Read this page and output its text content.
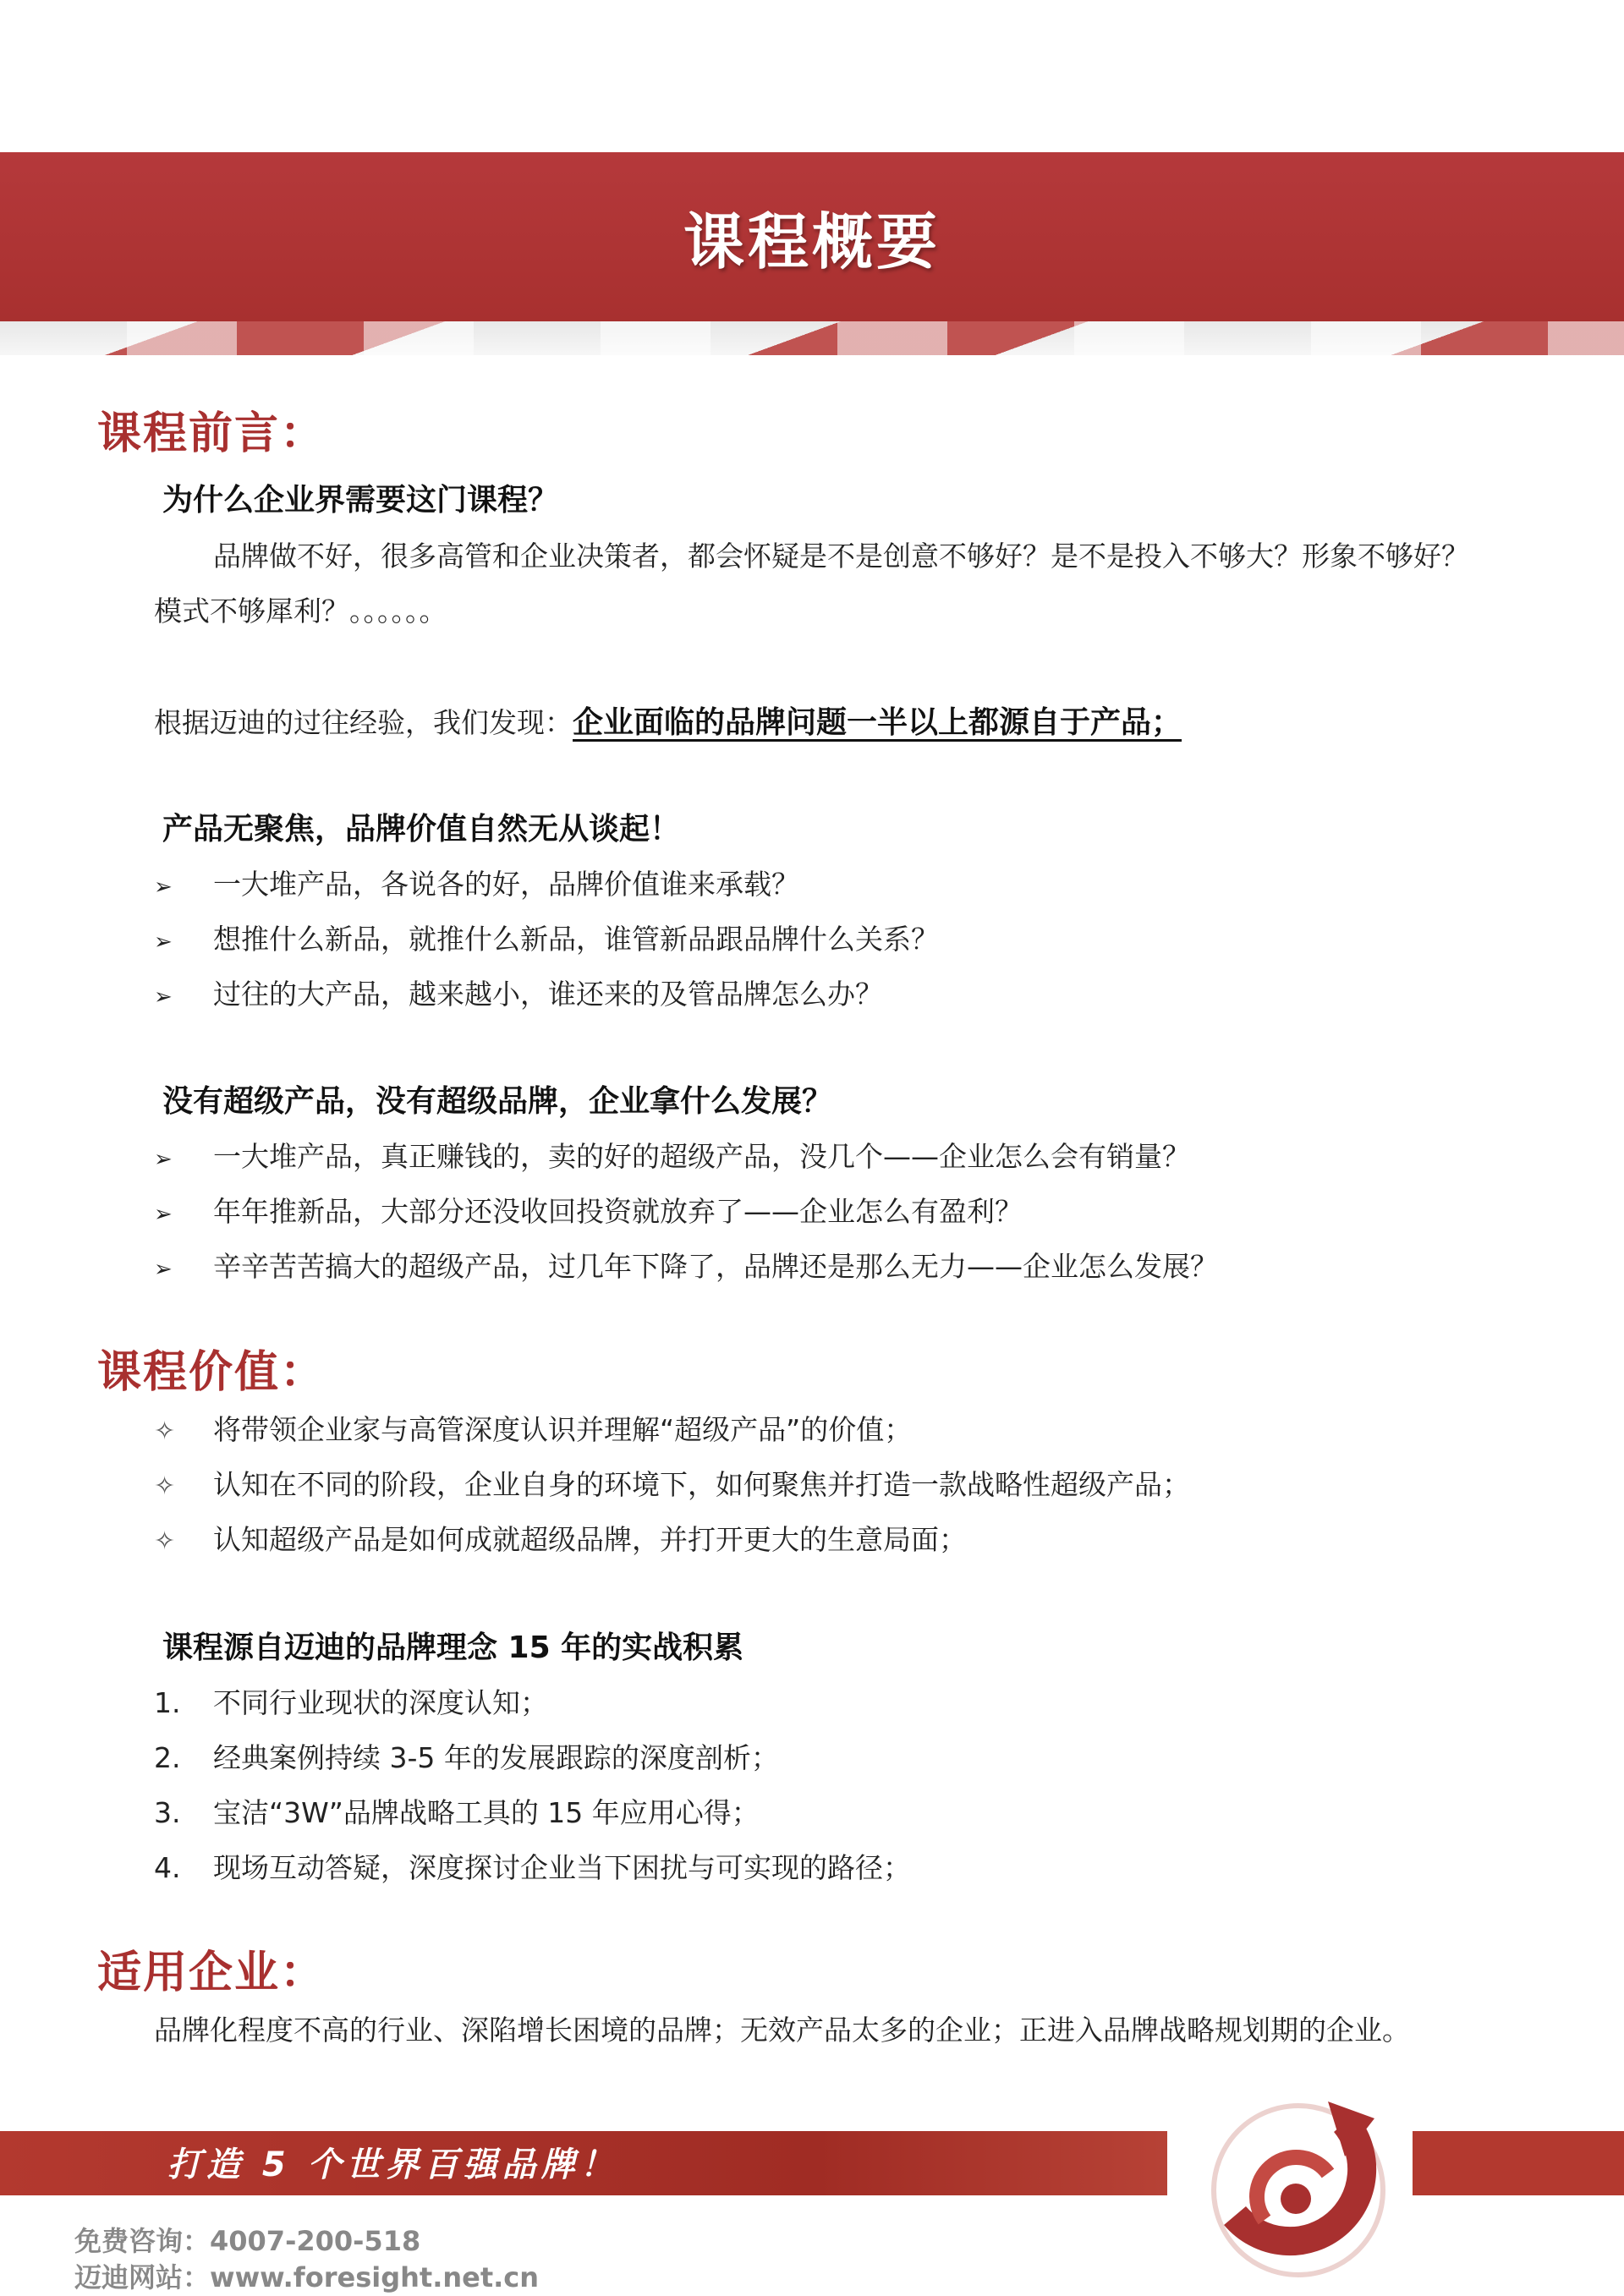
课程概要
课程前言：
为什么企业界需要这门课程？
品牌做不好，很多高管和企业决策者，都会怀疑是不是创意不够好？是不是投入不够大？形象不够好？
模式不够犀利？。。。。。。
根据迈迪的过往经验，我们发现：企业面临的品牌问题一半以上都源自于产品；
产品无聚焦，品牌价值自然无从谈起！
➢ 一大堆产品，各说各的好，品牌价值谁来承载？
➢ 想推什么新品，就推什么新品，谁管新品跟品牌什么关系？
➢ 过往的大产品，越来越小，谁还来的及管品牌怎么办？
没有超级产品，没有超级品牌，企业拿什么发展？
➢ 一大堆产品，真正赚钱的，卖的好的超级产品，没几个——企业怎么会有销量？
➢ 年年推新品，大部分还没收回投资就放弃了——企业怎么有盈利？
➢ 辛辛苦苦搞大的超级产品，过几年下降了，品牌还是那么无力——企业怎么发展？
课程价值：
✧ 将带领企业家与高管深度认识并理解“超级产品”的价值；
✧ 认知在不同的阶段，企业自身的环境下，如何聚焦并打造一款战略性超级产品；
✧ 认知超级产品是如何成就超级品牌，并打开更大的生意局面；
课程源自迈迪的品牌理念 15 年的实战积累
1. 不同行业现状的深度认知；
2. 经典案例持续 3-5 年的发展跟踪的深度剖析；
3. 宝洁“3W”品牌战略工具的 15 年应用心得；
4. 现场互动答疑，深度探讨企业当下困扰与可实现的路径；
适用企业：
品牌化程度不高的行业、深陷增长困境的品牌；无效产品太多的企业；正进入品牌战略规划期的企业。
打造 5 个世界百强品牌！
免费咨询：4007-200-518
迈迪网站：www.foresight.net.cn
